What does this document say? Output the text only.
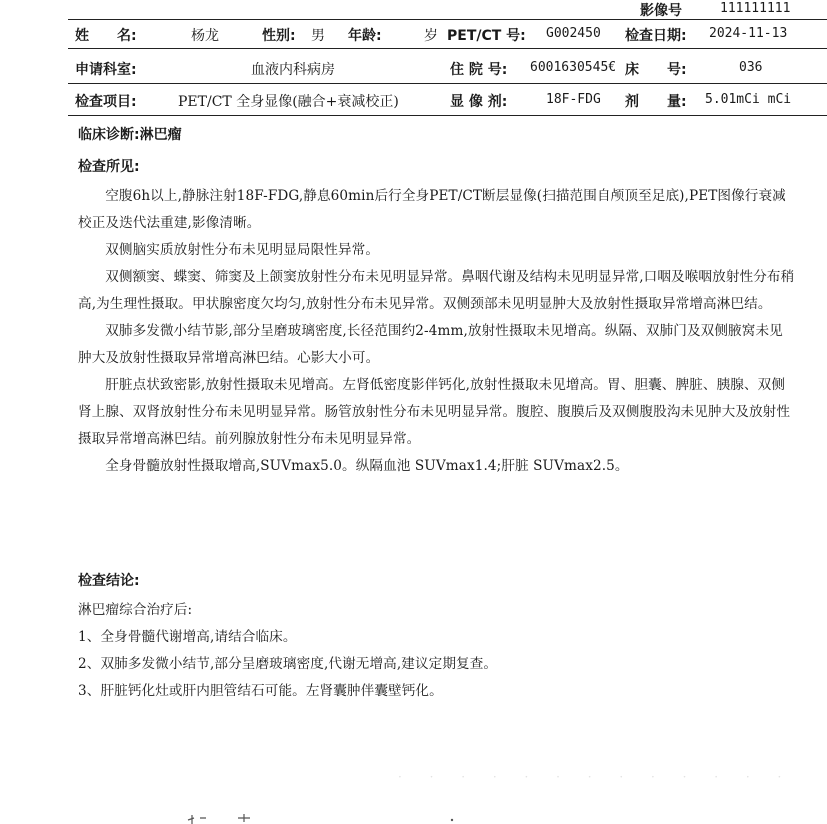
影像号	111111111
姓　　名:	杨龙	性别: 男 年龄:	岁 PET/CT 号: G002450 检查日期: 2024-11-13
申请科室:	血液内科病房	住 院 号: 6001630545€ 床　　号:	036
检查项目:	PET/CT 全身显像(融合+衰减校正)	显 像 剂:	18F-FDG 剂　　量: 5.01mCi mCi
临床诊断:淋巴瘤
检查所见:

空腹6h以上,静脉注射18F-FDG,静息60min后行全身PET/CT断层显像(扫描范围自颅顶至足底),PET图像行衰减校正及迭代法重建,影像清晰。

双侧脑实质放射性分布未见明显局限性异常。

双侧额窦、蝶窦、筛窦及上颌窦放射性分布未见明显异常。鼻咽代谢及结构未见明显异常,口咽及喉咽放射性分布稍高,为生理性摄取。甲状腺密度欠均匀,放射性分布未见异常。双侧颈部未见明显肿大及放射性摄取异常增高淋巴结。

双肺多发微小结节影,部分呈磨玻璃密度,长径范围约2-4mm,放射性摄取未见增高。纵隔、双肺门及双侧腋窝未见肿大及放射性摄取异常增高淋巴结。心影大小可。

肝脏点状致密影,放射性摄取未见增高。左肾低密度影伴钙化,放射性摄取未见增高。胃、胆囊、脾脏、胰腺、双侧肾上腺、双肾放射性分布未见明显异常。肠管放射性分布未见明显异常。腹腔、腹膜后及双侧腹股沟未见肿大及放射性摄取异常增高淋巴结。前列腺放射性分布未见明显异常。

全身骨髓放射性摄取增高,SUVmax5.0。纵隔血池 SUVmax1.4;肝脏 SUVmax2.5。

检查结论:

淋巴瘤综合治疗后:

1、全身骨髓代谢增高,请结合临床。

2、双肺多发微小结节,部分呈磨玻璃密度,代谢无增高,建议定期复查。

3、肝脏钙化灶或肝内胆管结石可能。左肾囊肿伴囊壁钙化。

· · · · · · · · · · · · ·
